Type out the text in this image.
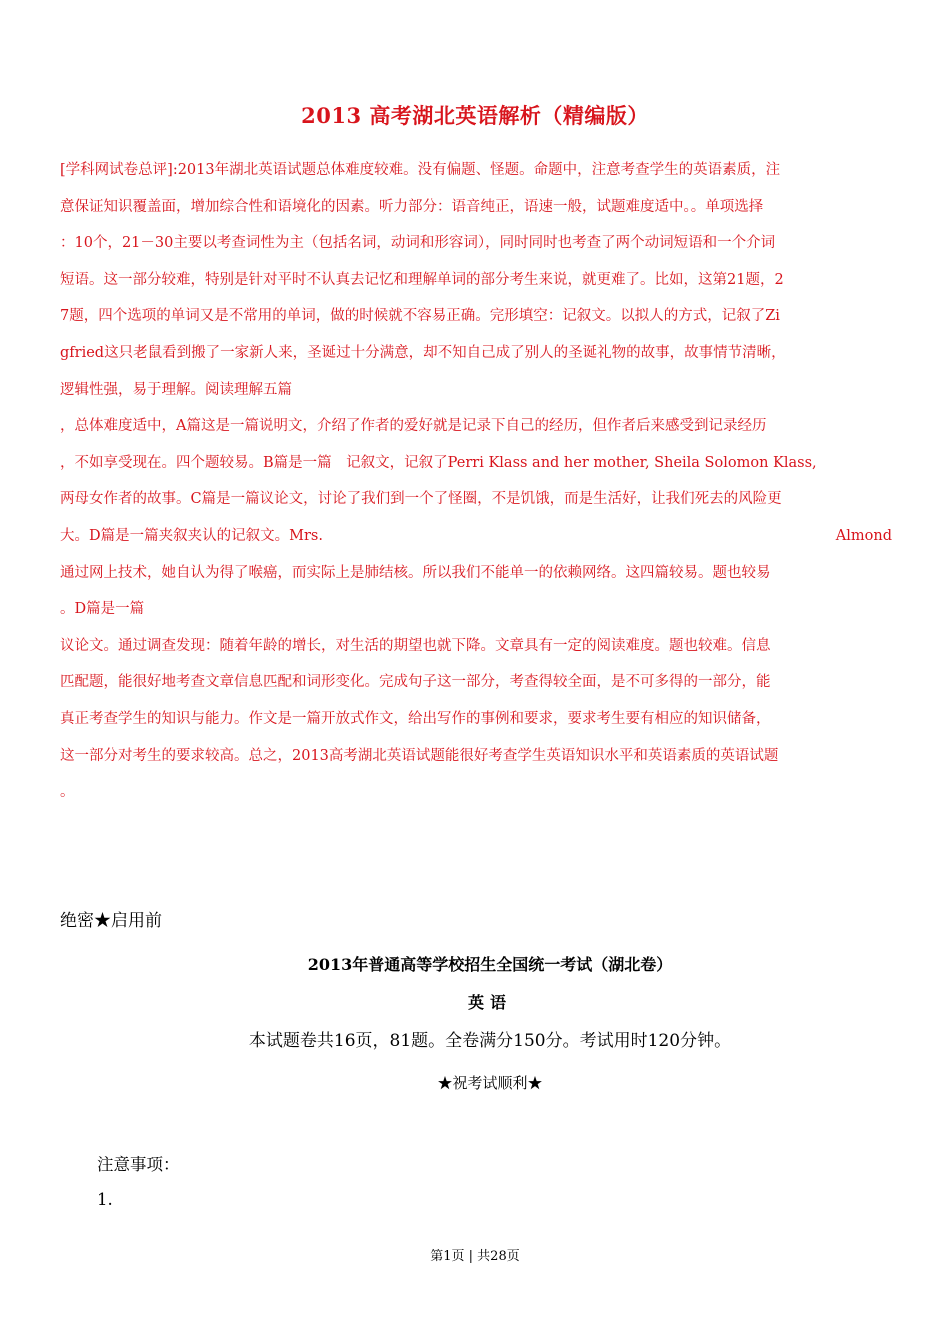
2013 高考湖北英语解析（精编版）
[学科网试卷总评]:2013年湖北英语试题总体难度较难。没有偏题、怪题。命题中，注意考查学生的英语素质，注
意保证知识覆盖面，增加综合性和语境化的因素。听力部分：语音纯正，语速一般，试题难度适中。。单项选择
：10个，21－30主要以考查词性为主（包括名词，动词和形容词），同时同时也考查了两个动词短语和一个介词
短语。这一部分较难，特别是针对平时不认真去记忆和理解单词的部分考生来说，就更难了。比如，这第21题，2
7题，四个选项的单词又是不常用的单词，做的时候就不容易正确。完形填空：记叙文。以拟人的方式，记叙了Zi
gfried这只老鼠看到搬了一家新人来，圣诞过十分满意，却不知自己成了别人的圣诞礼物的故事，故事情节清晰，
逻辑性强，易于理解。阅读理解五篇
，总体难度适中，A篇这是一篇说明文，介绍了作者的爱好就是记录下自己的经历，但作者后来感受到记录经历
，不如享受现在。四个题较易。B篇是一篇　记叙文，记叙了Perri Klass and her mother, Sheila Solomon Klass,
两母女作者的故事。C篇是一篇议论文，讨论了我们到一个了怪圈，不是饥饿，而是生活好，让我们死去的风险更
大。D篇是一篇夹叙夹认的记叙文。Mrs.	Almond
通过网上技术，她自认为得了喉癌，而实际上是肺结核。所以我们不能单一的依赖网络。这四篇较易。题也较易
。D篇是一篇
议论文。通过调查发现：随着年龄的增长，对生活的期望也就下降。文章具有一定的阅读难度。题也较难。信息
匹配题，能很好地考查文章信息匹配和词形变化。完成句子这一部分，考查得较全面，是不可多得的一部分，能
真正考查学生的知识与能力。作文是一篇开放式作文，给出写作的事例和要求，要求考生要有相应的知识储备，
这一部分对考生的要求较高。总之，2013高考湖北英语试题能很好考查学生英语知识水平和英语素质的英语试题
。
绝密★启用前
2013年普通高等学校招生全国统一考试（湖北卷）
英语
本试题卷共16页，81题。全卷满分150分。考试用时120分钟。
★祝考试顺利★
注意事项：
1.
第1页 | 共28页
